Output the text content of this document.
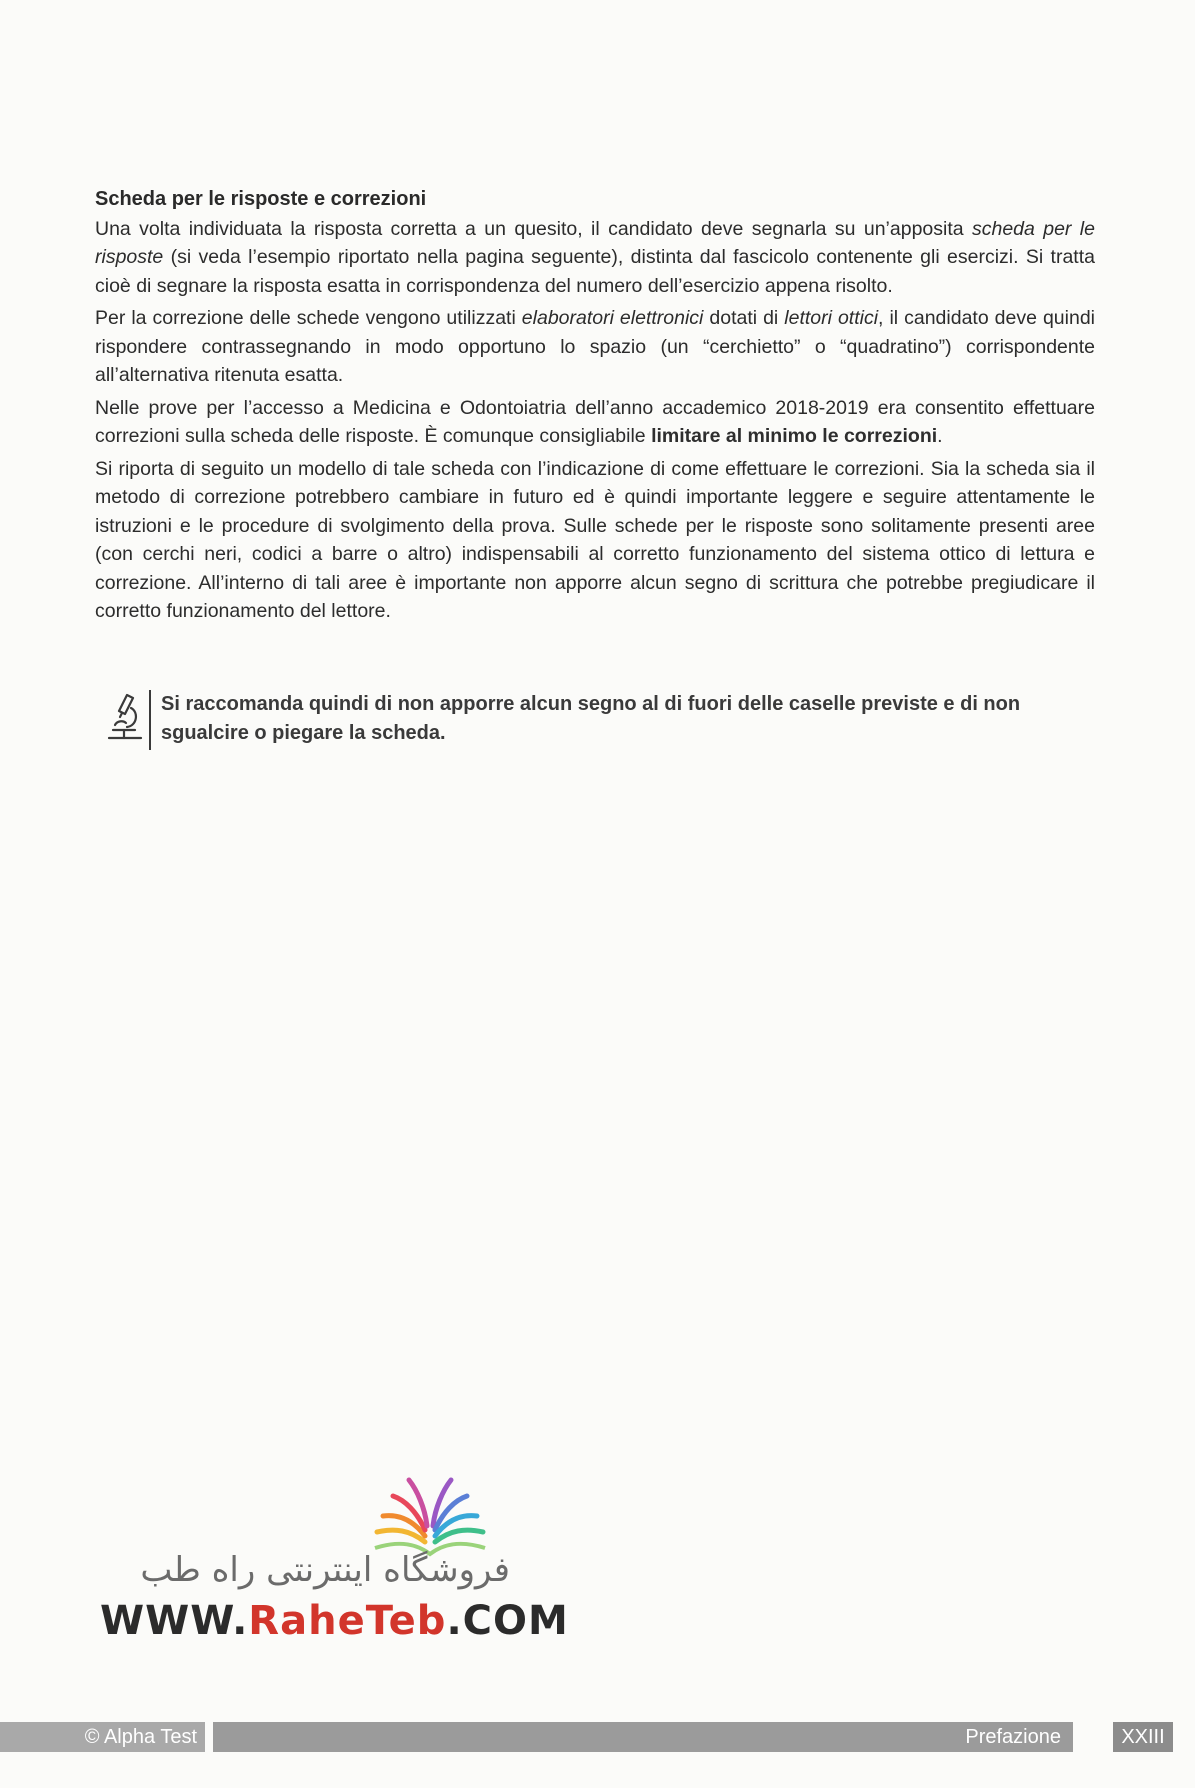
Scheda per le risposte e correzioni

Una volta individuata la risposta corretta a un quesito, il candidato deve segnarla su un’apposita scheda per le risposte (si veda l’esempio riportato nella pagina seguente), distinta dal fascicolo contenente gli esercizi. Si tratta cioè di segnare la risposta esatta in corrispondenza del numero dell’esercizio appena risolto.

Per la correzione delle schede vengono utilizzati elaboratori elettronici dotati di lettori ottici, il candidato deve quindi rispondere contrassegnando in modo opportuno lo spazio (un “cerchietto” o “quadratino”) corrispondente all’alternativa ritenuta esatta.

Nelle prove per l’accesso a Medicina e Odontoiatria dell’anno accademico 2018-2019 era consentito effettuare correzioni sulla scheda delle risposte. È comunque consigliabile limitare al minimo le correzioni.

Si riporta di seguito un modello di tale scheda con l’indicazione di come effettuare le correzioni. Sia la scheda sia il metodo di correzione potrebbero cambiare in futuro ed è quindi importante leggere e seguire attentamente le istruzioni e le procedure di svolgimento della prova. Sulle schede per le risposte sono solitamente presenti aree (con cerchi neri, codici a barre o altro) indispensabili al corretto funzionamento del sistema ottico di lettura e correzione. All’interno di tali aree è importante non apporre alcun segno di scrittura che potrebbe pregiudicare il corretto funzionamento del lettore.

Si raccomanda quindi di non apporre alcun segno al di fuori delle caselle previste e di non sgualcire o piegare la scheda.
فروشگاه اینترنتی راه طب
WWW.RaheTeb.COM
© Alpha Test	Prefazione	XXIII
